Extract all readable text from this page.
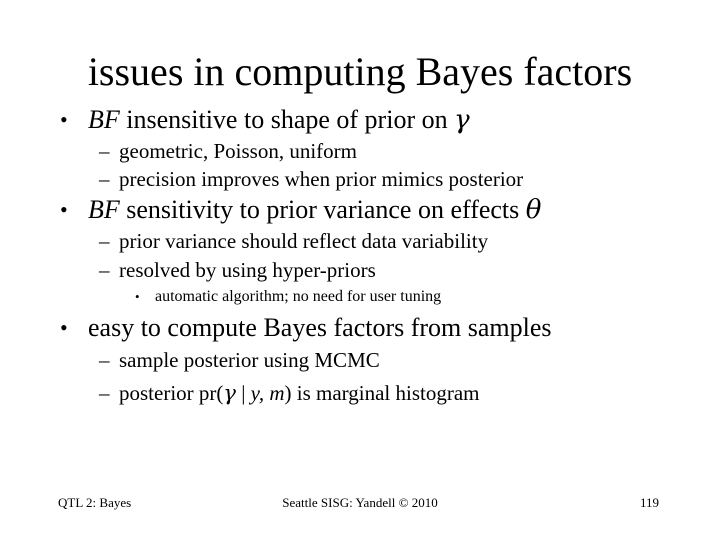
issues in computing Bayes factors
• BF insensitive to shape of prior on γ
– geometric, Poisson, uniform
– precision improves when prior mimics posterior
• BF sensitivity to prior variance on effects θ
– prior variance should reflect data variability
– resolved by using hyper-priors
• automatic algorithm; no need for user tuning
• easy to compute Bayes factors from samples
– sample posterior using MCMC
– posterior pr(γ | y, m) is marginal histogram
QTL 2: Bayes	Seattle SISG: Yandell © 2010	119
